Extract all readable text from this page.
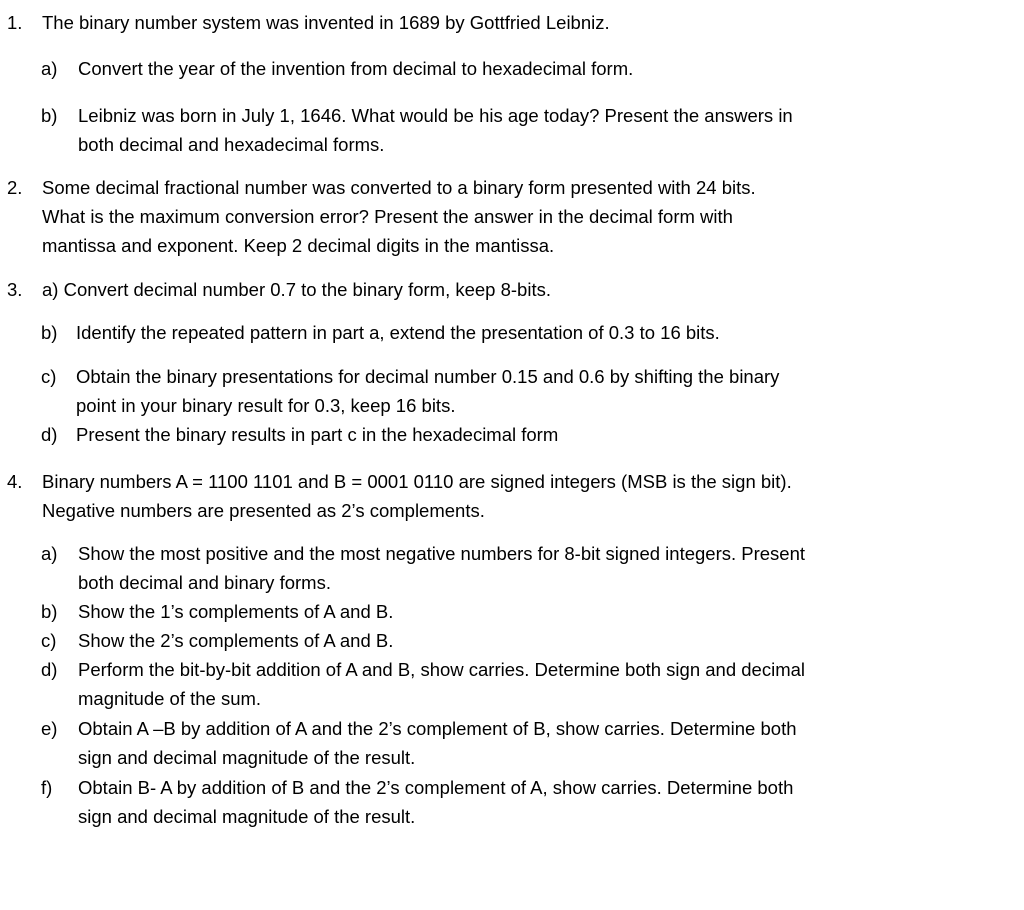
1. The binary number system was invented in 1689 by Gottfried Leibniz.
a) Convert the year of the invention from decimal to hexadecimal form.
b) Leibniz was born in July 1, 1646. What would be his age today? Present the answers in
both decimal and hexadecimal forms.
2. Some decimal fractional number was converted to a binary form presented with 24 bits.
What is the maximum conversion error? Present the answer in the decimal form with
mantissa and exponent. Keep 2 decimal digits in the mantissa.
3. a) Convert decimal number 0.7 to the binary form, keep 8-bits.
b) Identify the repeated pattern in part a, extend the presentation of 0.3 to 16 bits.
c) Obtain the binary presentations for decimal number 0.15 and 0.6 by shifting the binary
point in your binary result for 0.3, keep 16 bits.
d) Present the binary results in part c in the hexadecimal form
4. Binary numbers A = 1100 1101 and B = 0001 0110 are signed integers (MSB is the sign bit).
Negative numbers are presented as 2’s complements.
a) Show the most positive and the most negative numbers for 8-bit signed integers. Present
both decimal and binary forms.
b) Show the 1’s complements of A and B.
c) Show the 2’s complements of A and B.
d) Perform the bit-by-bit addition of A and B, show carries. Determine both sign and decimal
magnitude of the sum.
e) Obtain A –B by addition of A and the 2’s complement of B, show carries. Determine both
sign and decimal magnitude of the result.
f) Obtain B- A by addition of B and the 2’s complement of A, show carries. Determine both
sign and decimal magnitude of the result.
